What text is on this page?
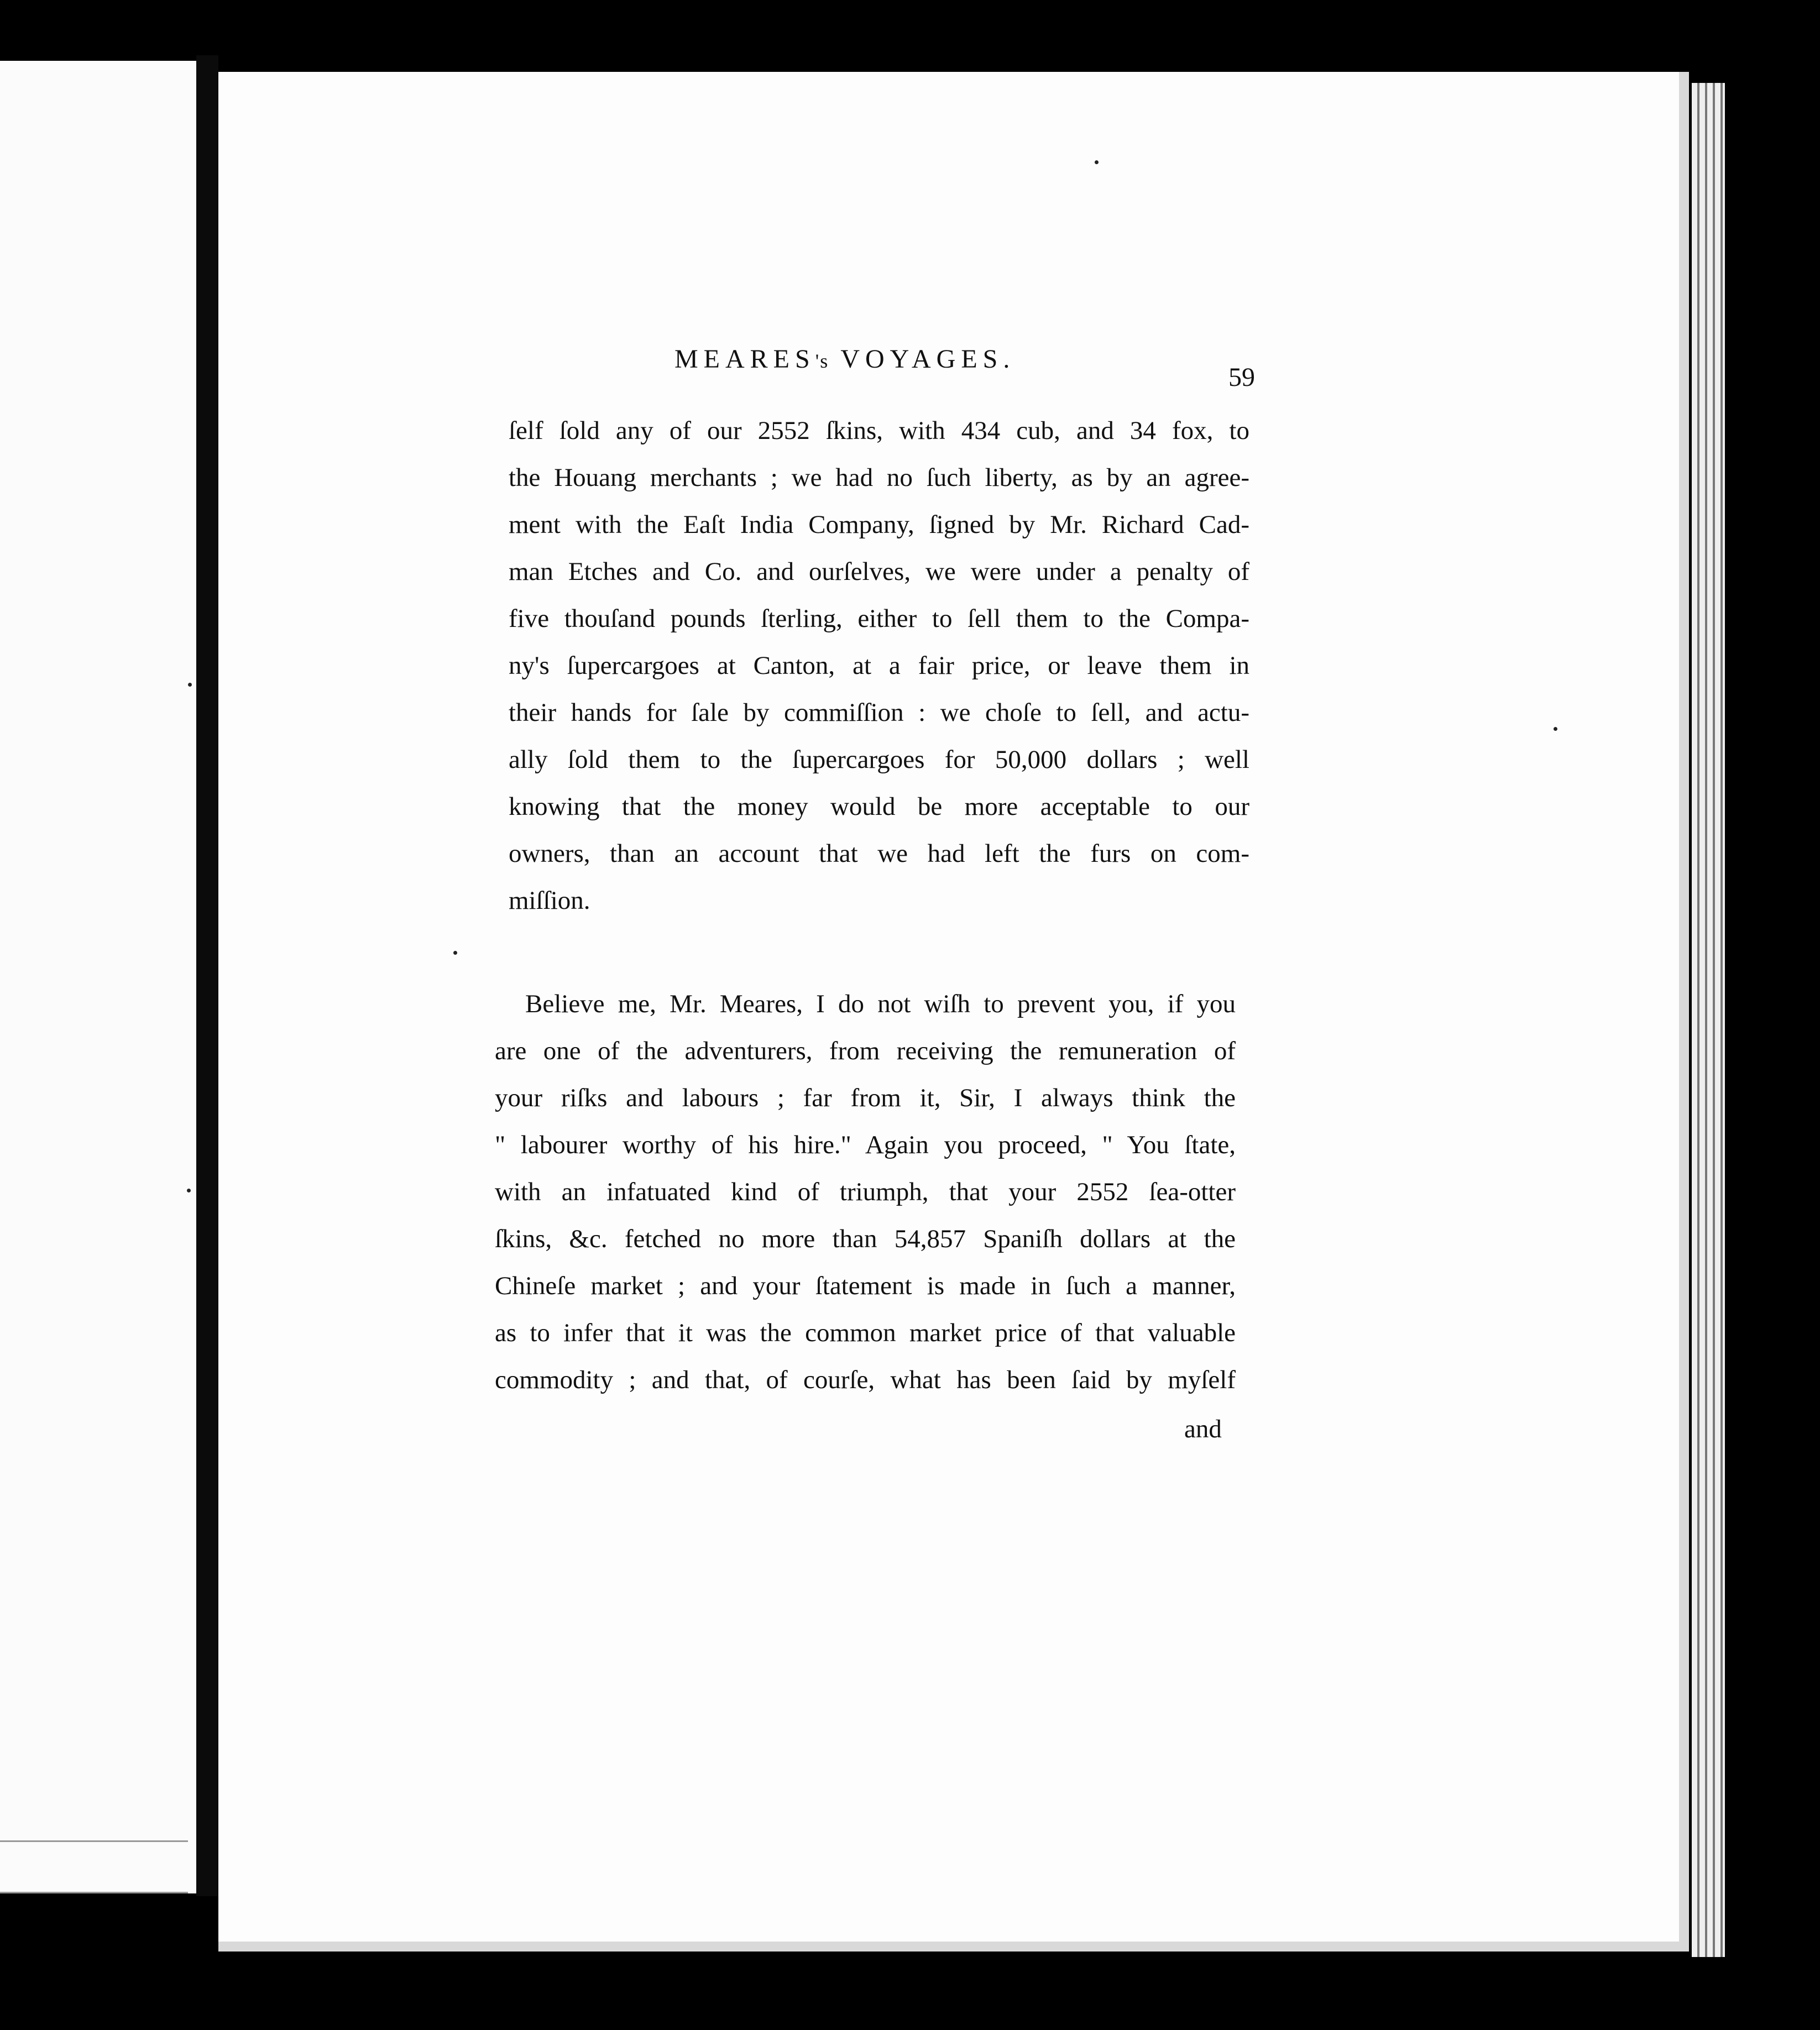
MEARES's VOYAGES.
59
ſelf ſold any of our 2552 ſkins, with 434 cub, and 34 fox, to
the Houang merchants ; we had no ſuch liberty, as by an agree-
ment with the Eaſt India Company, ſigned by Mr. Richard Cad-
man Etches and Co. and ourſelves, we were under a penalty of
five thouſand pounds ſterling, either to ſell them to the Compa-
ny's ſupercargoes at Canton, at a fair price, or leave them in
their hands for ſale by commiſſion : we choſe to ſell, and actu-
ally ſold them to the ſupercargoes for 50,000 dollars ; well
knowing that the money would be more acceptable to our
owners, than an account that we had left the furs on com-
miſſion.
Believe me, Mr. Meares, I do not wiſh to prevent you, if you
are one of the adventurers, from receiving the remuneration of
your riſks and labours ; far from it, Sir, I always think the
" labourer worthy of his hire." Again you proceed, " You ſtate,
with an infatuated kind of triumph, that your 2552 ſea-otter
ſkins, &c. fetched no more than 54,857 Spaniſh dollars at the
Chineſe market ; and your ſtatement is made in ſuch a manner,
as to infer that it was the common market price of that valuable
commodity ; and that, of courſe, what has been ſaid by myſelf
and
